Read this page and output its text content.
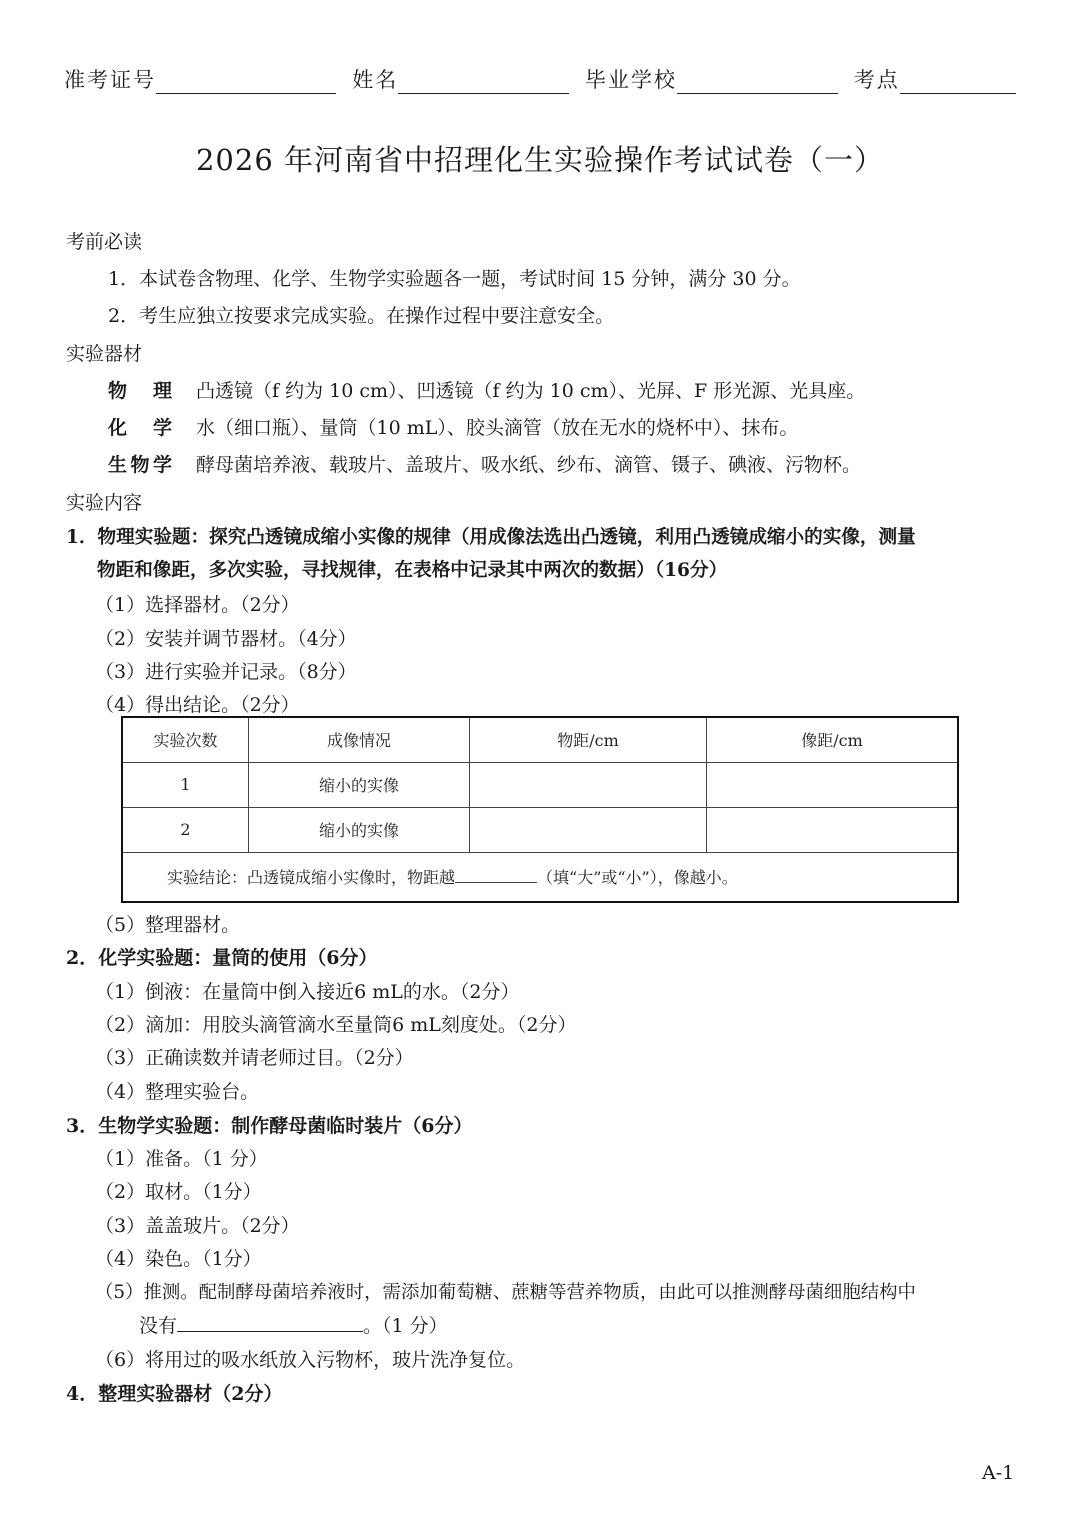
准考证号	姓名	毕业学校	考点
2026 年河南省中招理化生实验操作考试试卷（一）
考前必读
1．本试卷含物理、化学、生物学实验题各一题，考试时间 15 分钟，满分 30 分。
2．考生应独立按要求完成实验。在操作过程中要注意安全。
实验器材
物理 凸透镜（f 约为 10 cm）、凹透镜（f 约为 10 cm）、光屏、F 形光源、光具座。
化学 水（细口瓶）、量筒（10 mL）、胶头滴管（放在无水的烧杯中）、抹布。
生物学 酵母菌培养液、载玻片、盖玻片、吸水纸、纱布、滴管、镊子、碘液、污物杯。
实验内容
1．物理实验题：探究凸透镜成缩小实像的规律（用成像法选出凸透镜，利用凸透镜成缩小的实像，测量
物距和像距，多次实验，寻找规律，在表格中记录其中两次的数据）（16分）
（1）选择器材。（2分）
（2）安装并调节器材。（4分）
（3）进行实验并记录。（8分）
（4）得出结论。（2分）
实验次数	成像情况	物距/cm	像距/cm
1	缩小的实像		
2	缩小的实像		
实验结论：凸透镜成缩小实像时，物距越 （填“大”或“小”），像越小。			
（5）整理器材。
2．化学实验题：量筒的使用（6分）
（1）倒液：在量筒中倒入接近6 mL的水。（2分）
（2）滴加：用胶头滴管滴水至量筒6 mL刻度处。（2分）
（3）正确读数并请老师过目。（2分）
（4）整理实验台。
3．生物学实验题：制作酵母菌临时装片（6分）
（1）准备。（1 分）
（2）取材。（1分）
（3）盖盖玻片。（2分）
（4）染色。（1分）
（5）推测。配制酵母菌培养液时，需添加葡萄糖、蔗糖等营养物质，由此可以推测酵母菌细胞结构中
没有	。（1 分）
（6）将用过的吸水纸放入污物杯，玻片洗净复位。
4．整理实验器材（2分）
A-1
